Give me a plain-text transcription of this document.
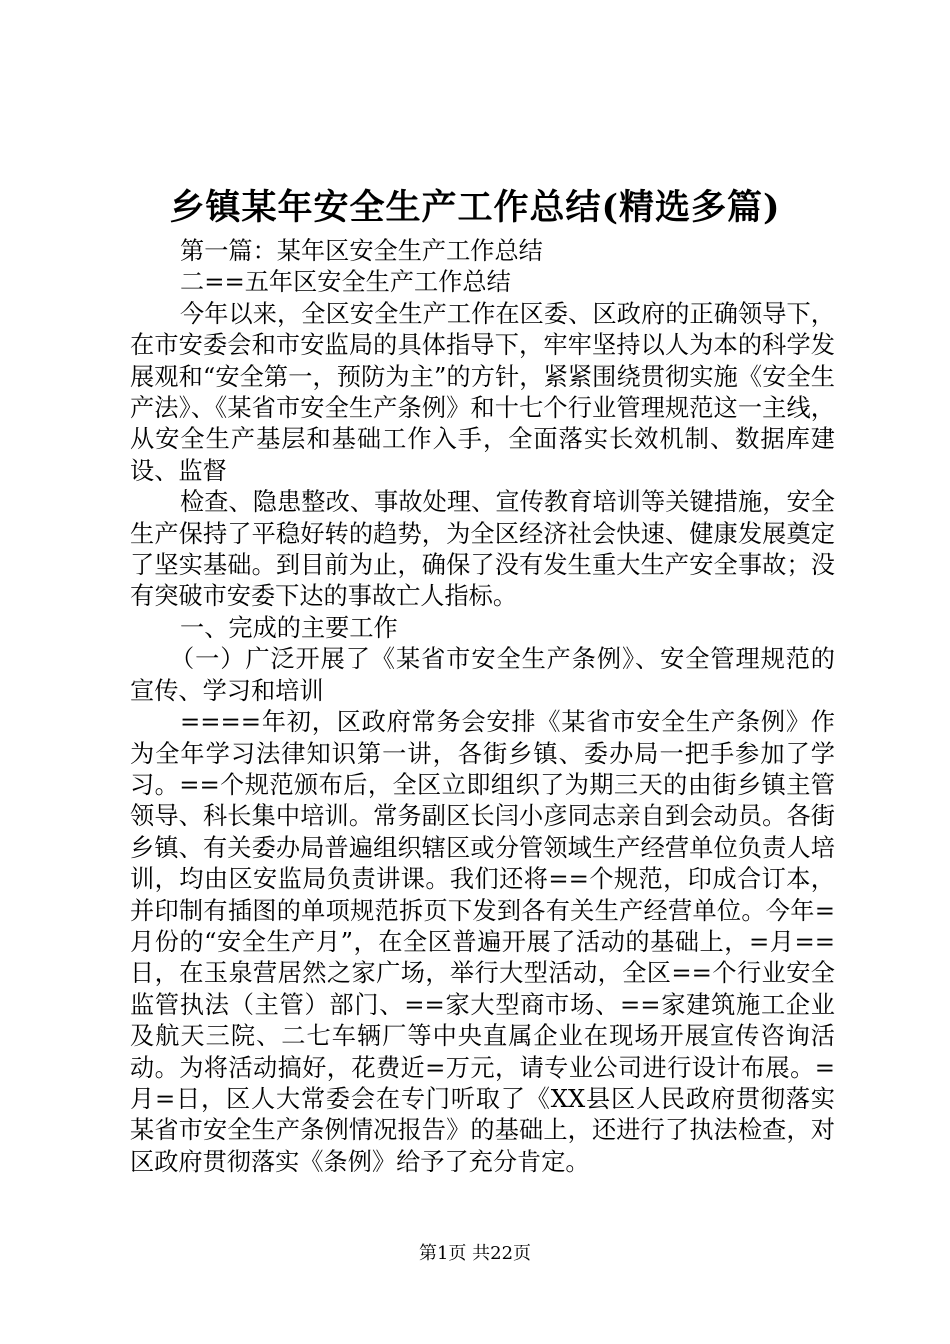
乡镇某年安全生产工作总结(精选多篇)

第一篇：某年区安全生产工作总结

二==五年区安全生产工作总结

今年以来，全区安全生产工作在区委、区政府的正确领导下，在市安委会和市安监局的具体指导下，牢牢坚持以人为本的科学发展观和“安全第一，预防为主”的方针，紧紧围绕贯彻实施《安全生产法》、《某省市安全生产条例》和十七个行业管理规范这一主线，从安全生产基层和基础工作入手，全面落实长效机制、数据库建设、监督

检查、隐患整改、事故处理、宣传教育培训等关键措施，安全生产保持了平稳好转的趋势，为全区经济社会快速、健康发展奠定了坚实基础。到目前为止，确保了没有发生重大生产安全事故；没有突破市安委下达的事故亡人指标。

一、完成的主要工作

（一）广泛开展了《某省市安全生产条例》、安全管理规范的宣传、学习和培训

====年初，区政府常务会安排《某省市安全生产条例》作为全年学习法律知识第一讲，各街乡镇、委办局一把手参加了学习。==个规范颁布后，全区立即组织了为期三天的由街乡镇主管领导、科长集中培训。常务副区长闫小彦同志亲自到会动员。各街乡镇、有关委办局普遍组织辖区或分管领域生产经营单位负责人培训，均由区安监局负责讲课。我们还将==个规范，印成合订本，并印制有插图的单项规范拆页下发到各有关生产经营单位。今年=月份的“安全生产月”，在全区普遍开展了活动的基础上，=月==日，在玉泉营居然之家广场，举行大型活动，全区==个行业安全监管执法（主管）部门、==家大型商市场、==家建筑施工企业及航天三院、二七车辆厂等中央直属企业在现场开展宣传咨询活动。为将活动搞好，花费近=万元，请专业公司进行设计布展。=月=日，区人大常委会在专门听取了《XX县区人民政府贯彻落实某省市安全生产条例情况报告》的基础上，还进行了执法检查，对区政府贯彻落实《条例》给予了充分肯定。

第1页 共22页
